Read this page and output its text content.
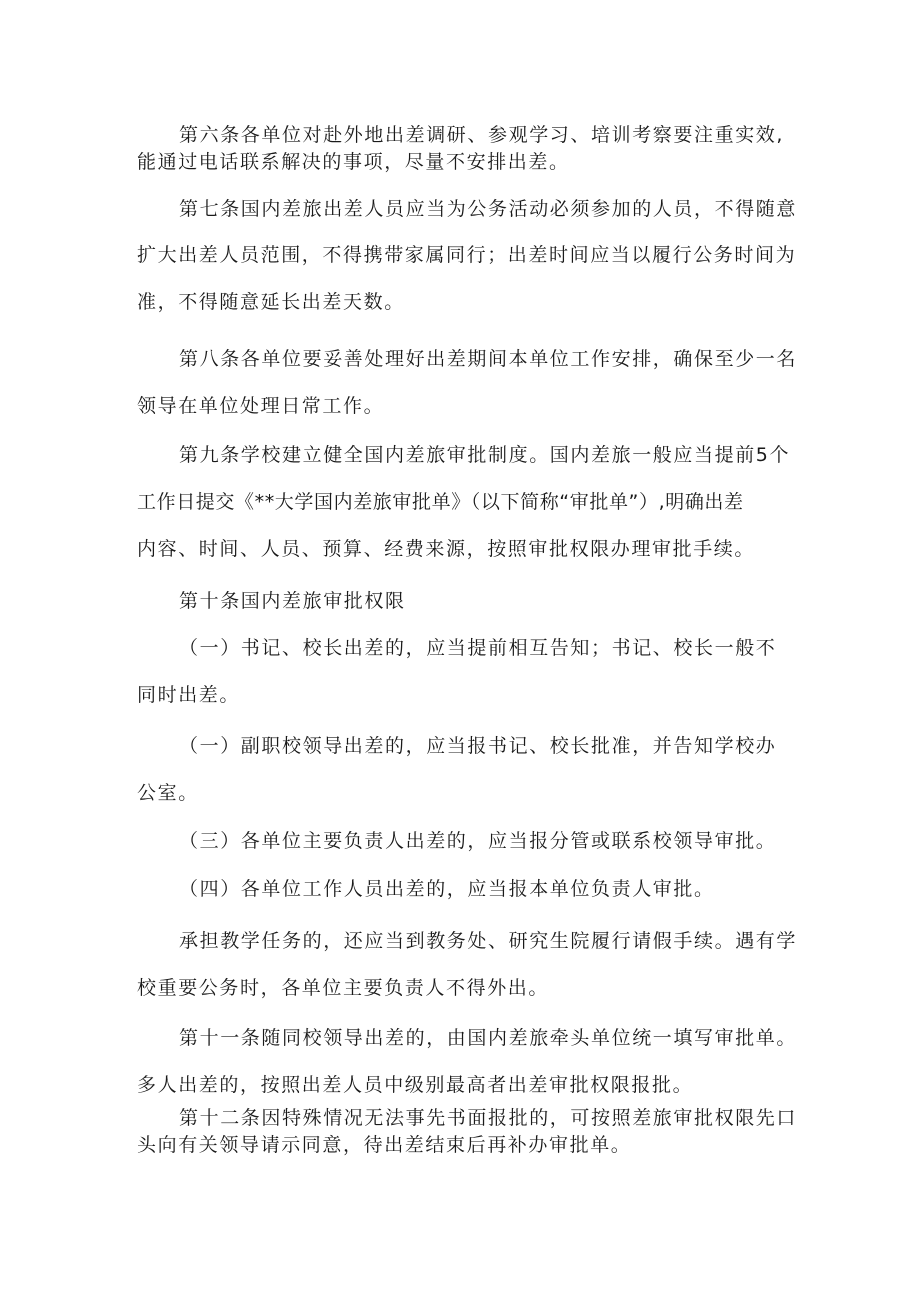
第六条各单位对赴外地出差调研、参观学习、培训考察要注重实效,
能通过电话联系解决的事项，尽量不安排出差。
第七条国内差旅出差人员应当为公务活动必须参加的人员，不得随意
扩大出差人员范围，不得携带家属同行；出差时间应当以履行公务时间为
准，不得随意延长出差天数。
第八条各单位要妥善处理好出差期间本单位工作安排，确保至少一名
领导在单位处理日常工作。
第九条学校建立健全国内差旅审批制度。国内差旅一般应当提前5个
工作日提交《**大学国内差旅审批单》（以下简称“审批单”）,明确出差
内容、时间、人员、预算、经费来源，按照审批权限办理审批手续。
第十条国内差旅审批权限
（一）书记、校长出差的，应当提前相互告知；书记、校长一般不
同时出差。
（一）副职校领导出差的，应当报书记、校长批准，并告知学校办
公室。
（三）各单位主要负责人出差的，应当报分管或联系校领导审批。
（四）各单位工作人员出差的，应当报本单位负责人审批。
承担教学任务的，还应当到教务处、研究生院履行请假手续。遇有学
校重要公务时，各单位主要负责人不得外出。
第十一条随同校领导出差的，由国内差旅牵头单位统一填写审批单。
多人出差的，按照出差人员中级别最高者出差审批权限报批。
第十二条因特殊情况无法事先书面报批的，可按照差旅审批权限先口
头向有关领导请示同意，待出差结束后再补办审批单。
